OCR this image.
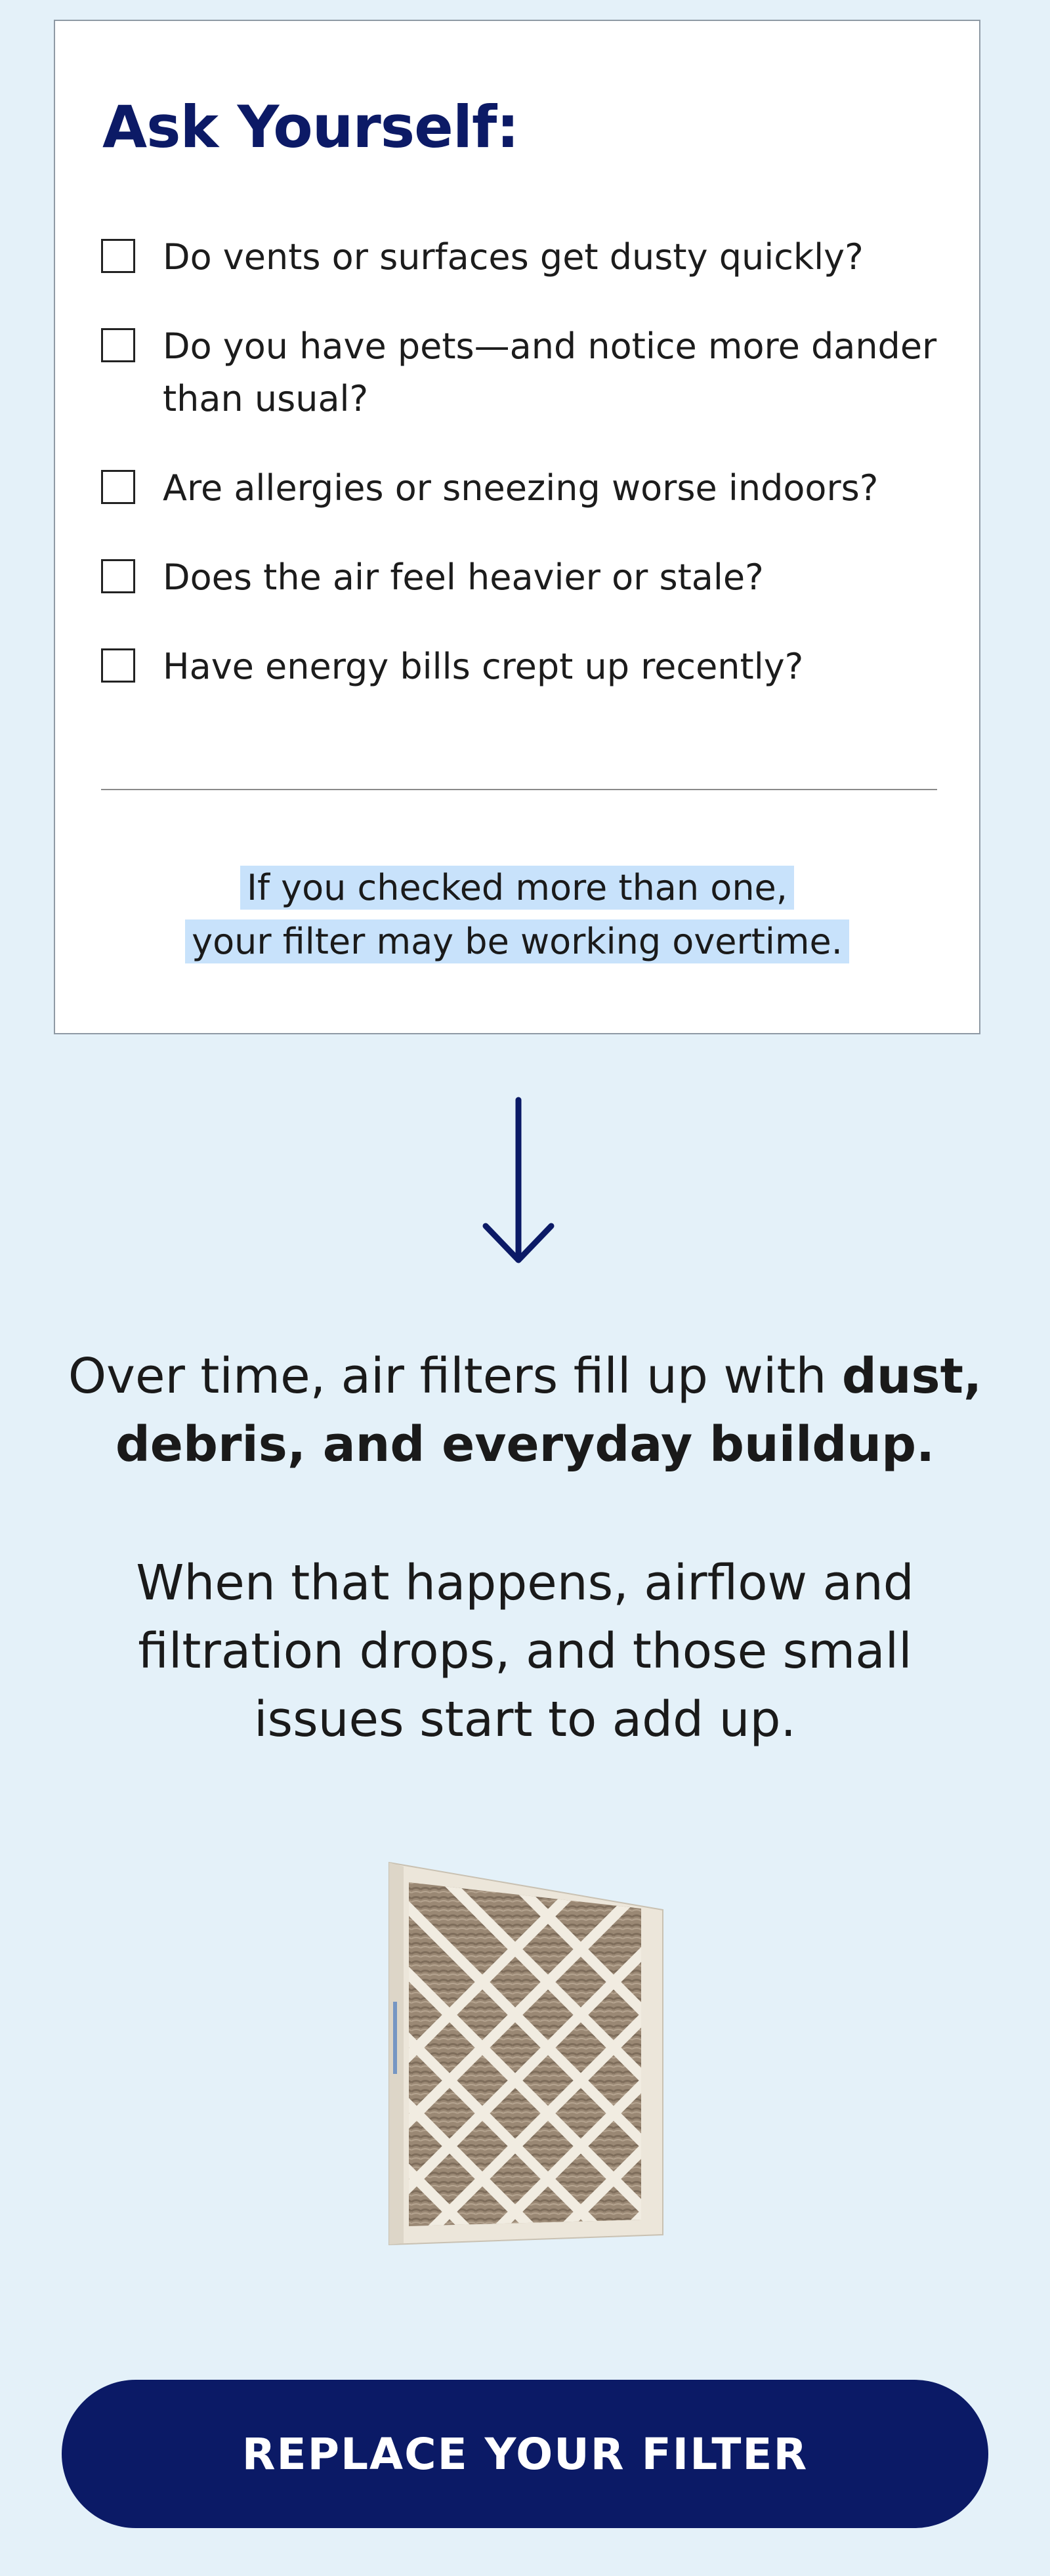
Ask Yourself:
Do vents or surfaces get dusty quickly?
Do you have pets—and notice more dander than usual?
Are allergies or sneezing worse indoors?
Does the air feel heavier or stale?
Have energy bills crept up recently?
If you checked more than one,
your filter may be working overtime.

Over time, air filters fill up with dust, debris, and everyday buildup.

When that happens, airflow and filtration drops, and those small issues start to add up.

REPLACE YOUR FILTER
